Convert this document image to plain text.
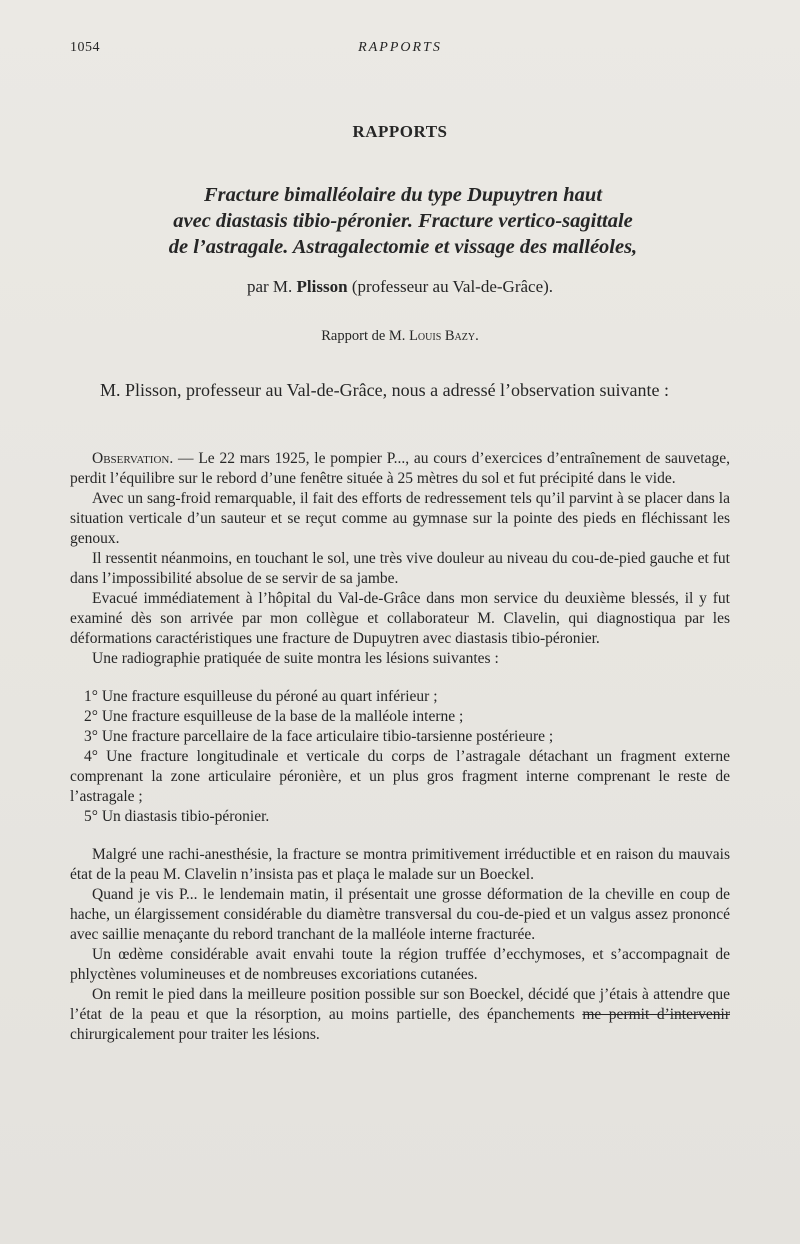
1054	RAPPORTS
RAPPORTS
Fracture bimalléolaire du type Dupuytren haut
avec diastasis tibio-péronier. Fracture vertico-sagittale
de l’astragale. Astragalectomie et vissage des malléoles,
par M. Plisson (professeur au Val-de-Grâce).
Rapport de M. Louis Bazy.

M. Plisson, professeur au Val-de-Grâce, nous a adressé l’observation suivante :

Observation. — Le 22 mars 1925, le pompier P..., au cours d’exercices d’entraînement de sauvetage, perdit l’équilibre sur le rebord d’une fenêtre située à 25 mètres du sol et fut précipité dans le vide.

Avec un sang-froid remarquable, il fait des efforts de redressement tels qu’il parvint à se placer dans la situation verticale d’un sauteur et se reçut comme au gymnase sur la pointe des pieds en fléchissant les genoux.

Il ressentit néanmoins, en touchant le sol, une très vive douleur au niveau du cou-de-pied gauche et fut dans l’impossibilité absolue de se servir de sa jambe.

Evacué immédiatement à l’hôpital du Val-de-Grâce dans mon service du deuxième blessés, il y fut examiné dès son arrivée par mon collègue et collaborateur M. Clavelin, qui diagnostiqua par les déformations caractéristiques une fracture de Dupuytren avec diastasis tibio-péronier.

Une radiographie pratiquée de suite montra les lésions suivantes :

1° Une fracture esquilleuse du péroné au quart inférieur ;

2° Une fracture esquilleuse de la base de la malléole interne ;

3° Une fracture parcellaire de la face articulaire tibio-tarsienne postérieure ;

4° Une fracture longitudinale et verticale du corps de l’astragale détachant un fragment externe comprenant la zone articulaire péronière, et un plus gros fragment interne comprenant le reste de l’astragale ;

5° Un diastasis tibio-péronier.

Malgré une rachi-anesthésie, la fracture se montra primitivement irréductible et en raison du mauvais état de la peau M. Clavelin n’insista pas et plaça le malade sur un Boeckel.

Quand je vis P... le lendemain matin, il présentait une grosse déformation de la cheville en coup de hache, un élargissement considérable du diamètre transversal du cou-de-pied et un valgus assez prononcé avec saillie menaçante du rebord tranchant de la malléole interne fracturée.

Un œdème considérable avait envahi toute la région truffée d’ecchymoses, et s’accompagnait de phlyctènes volumineuses et de nombreuses excoriations cutanées.

On remit le pied dans la meilleure position possible sur son Boeckel, décidé que j’étais à attendre que l’état de la peau et que la résorption, au moins partielle, des épanchements me permit d’intervenir chirurgicalement pour traiter les lésions.
